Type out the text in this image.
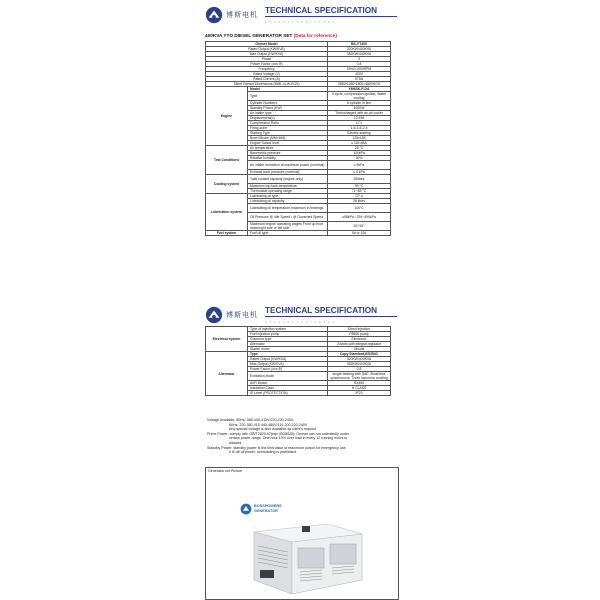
博斯电机 TECHNICAL SPECIFICATION
• • • • • • • • • • • • • • • •
400KVA YTO DIESEL GENERATOR SET (Data for reference)
Genset Model		BS-YT400
Rated Output (KW/KVA)		320KW/400KVA
Max Output (KW/KVA)		352KW/440KVA
Phase		3
Power Factor (cos Φ)		0.8
Frequency		50HZ/1500RPM
Rated Voltage (V)		400V
Rated Current (A)		576A
Silent Genset Dimensions (MML-N-W-KGS)		3580*1380*1800=4800KGS
Engine	Model	YM6SK-F-DA
	Type	4-cycle, compression ignition, Water cooling
	Cylinder Numbers	6 cylinder in line
	Standby Power (KW)	400KW
	Air intake type	Turbocharged with air-air cooler
	Displacement(L)	12.938
	Compression Ratio	17:1
	Firing order	1-5-3-6-2-4
	Starting Type	Electric starting
	Bore×Stroke (MM×MM)	126x155
	Engine Sound level	≤ 116 dBA
Test Conditions	Air temperature	25 °C
	Barometric pressure	100kPa
	Relative humidity	30%
	Air intake restriction at maximum power (nominal)	≤ 5kPa
	Exhaust back pressure (nominal)	≤ 6 kPa
Cooling system	Total coolant capacity (engine only)	35litres
	Maximum top tank temperature	99 °C
	Thermostat operating range	71~85 °C
Lubrication system	Lubricating oil type	CF-4
	Lubricating oil capacity	28 litres
	Lubricating oil temperature maximum in bearings	115°C
	Oil Pressure @ Idle Speed / @ Governed Speed	≥98kPa / 294~490kPa
	Maximum engine operating angles Front up,front down/right side or left side	20°/15°
Fuel system	Fuel oil type	0# or 10#
博斯电机 TECHNICAL SPECIFICATION
• • • • • • • • • • • • • • • •
Electrical system	Type of injection system	Direct injection
	Fuel injection pump	P8500 pump
	Governor type	Electronic
	Alternator	24volts with integral regulator
	Starter motor	24volts
Alternator	Type	Copy Stamford-BS354C
	Rated Output (KW/KVA)	320KW/400KVA
	Max Output (KW/KVA)	352KW/440KVA
	Power Factor (cos Φ)	0.8
	Excitation Mode	single-bearing with SAE, Brushless synchronous, Three harmonic exciting
	AVR Model	SX460
	Insulation Class	H CLASS
	IP Level (PROTECTION)	IP23
Voltage Available: 50Hz: 380-400-415V/220-230-240V;
60Hz: 220-380-415-440-480V/110-200-220-240V
Any special voltage is also available as client's request
Prime Power: comply with GB/T2820-97(eqv ISO8528); Genset can run unlimitedly under
certain power range. One hour 10% over load in every 12 running hours is
allowed.
Standby Power: standby power is the limit value of maximum output for emergency use.
It is off-oil power, overloading is prohibited.
Generator set Picture
BOSSPOWERS
GENERATOR
